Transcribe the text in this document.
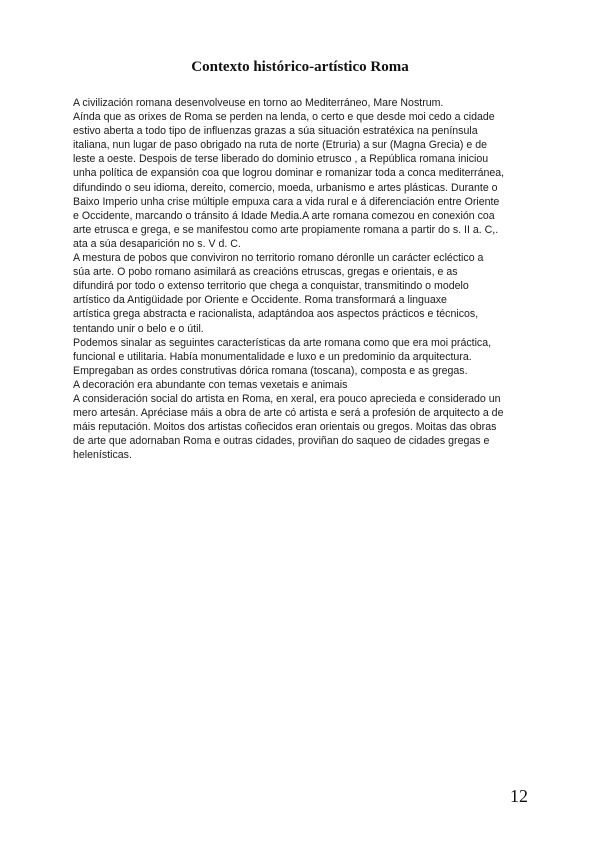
Contexto histórico-artístico Roma
A civilización romana desenvolveuse en torno ao Mediterráneo, Mare Nostrum.
Aínda que as orixes de Roma se perden na lenda, o certo e que desde moi cedo a cidade
estivo aberta a todo tipo de influenzas grazas a súa situación estratéxica na península
italiana, nun lugar de paso obrigado na ruta de norte (Etruria) a sur (Magna Grecia) e de
leste a oeste. Despois de terse liberado do dominio etrusco , a República romana iniciou
unha política de expansión coa que logrou dominar e romanizar toda a conca mediterránea,
difundindo o seu idioma, dereito, comercio, moeda, urbanismo e artes plásticas. Durante o
Baixo Imperio unha crise múltiple empuxa cara a vida rural e á diferenciación entre Oriente
e Occidente, marcando o tránsito á Idade Media.A arte romana comezou en conexión coa
arte etrusca e grega, e se manifestou como arte propiamente romana a partir do s. II a. C,.
ata a súa desaparición no s. V d. C.
A mestura de pobos que conviviron no territorio romano déronlle un carácter ecléctico a
súa arte. O pobo romano asimilará as creacións etruscas, gregas e orientais, e as
difundirá por todo o extenso territorio que chega a conquistar, transmitindo o modelo
artístico da Antigüidade por Oriente e Occidente. Roma transformará a linguaxe
artística grega abstracta e racionalista, adaptándoa aos aspectos prácticos e técnicos,
tentando unir o belo e o útil.
Podemos sinalar as seguintes características da arte romana como que era moi práctica,
funcional e utilitaria. Había monumentalidade e luxo e un predominio da arquitectura.
Empregaban as ordes construtivas dórica romana (toscana), composta e as gregas.
A decoración era abundante con temas vexetais e animais
A consideración social do artista en Roma, en xeral, era pouco aprecieda e considerado un
mero artesán. Apréciase máis a obra de arte có artista e será a profesión de arquitecto a de
máis reputación. Moitos dos artistas coñecidos eran orientais ou gregos. Moitas das obras
de arte que adornaban Roma e outras cidades, proviñan do saqueo de cidades gregas e
helenísticas.
12
